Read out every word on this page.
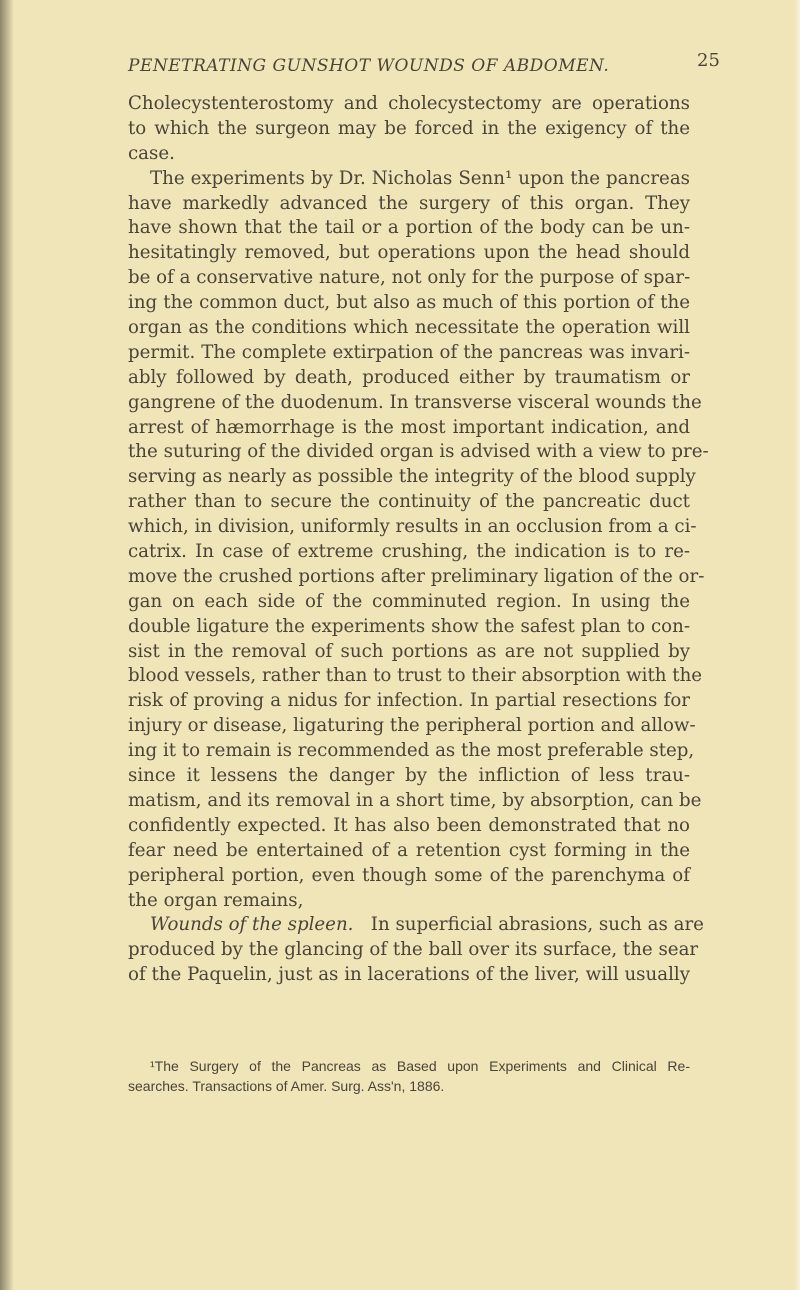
PENETRATING GUNSHOT WOUNDS OF ABDOMEN.	25
Cholecystenterostomy and cholecystectomy are operations
to which the surgeon may be forced in the exigency of the
case.
The experiments by Dr. Nicholas Senn¹ upon the pancreas
have markedly advanced the surgery of this organ. They
have shown that the tail or a portion of the body can be un-
hesitatingly removed, but operations upon the head should
be of a conservative nature, not only for the purpose of spar-
ing the common duct, but also as much of this portion of the
organ as the conditions which necessitate the operation will
permit. The complete extirpation of the pancreas was invari-
ably followed by death, produced either by traumatism or
gangrene of the duodenum. In transverse visceral wounds the
arrest of hæmorrhage is the most important indication, and
the suturing of the divided organ is advised with a view to pre-
serving as nearly as possible the integrity of the blood supply
rather than to secure the continuity of the pancreatic duct
which, in division, uniformly results in an occlusion from a ci-
catrix. In case of extreme crushing, the indication is to re-
move the crushed portions after preliminary ligation of the or-
gan on each side of the comminuted region. In using the
double ligature the experiments show the safest plan to con-
sist in the removal of such portions as are not supplied by
blood vessels, rather than to trust to their absorption with the
risk of proving a nidus for infection. In partial resections for
injury or disease, ligaturing the peripheral portion and allow-
ing it to remain is recommended as the most preferable step,
since it lessens the danger by the infliction of less trau-
matism, and its removal in a short time, by absorption, can be
confidently expected. It has also been demonstrated that no
fear need be entertained of a retention cyst forming in the
peripheral portion, even though some of the parenchyma of
the organ remains,
Wounds of the spleen. In superficial abrasions, such as are
produced by the glancing of the ball over its surface, the sear
of the Paquelin, just as in lacerations of the liver, will usually
¹The Surgery of the Pancreas as Based upon Experiments and Clinical Re-
searches. Transactions of Amer. Surg. Ass'n, 1886.
